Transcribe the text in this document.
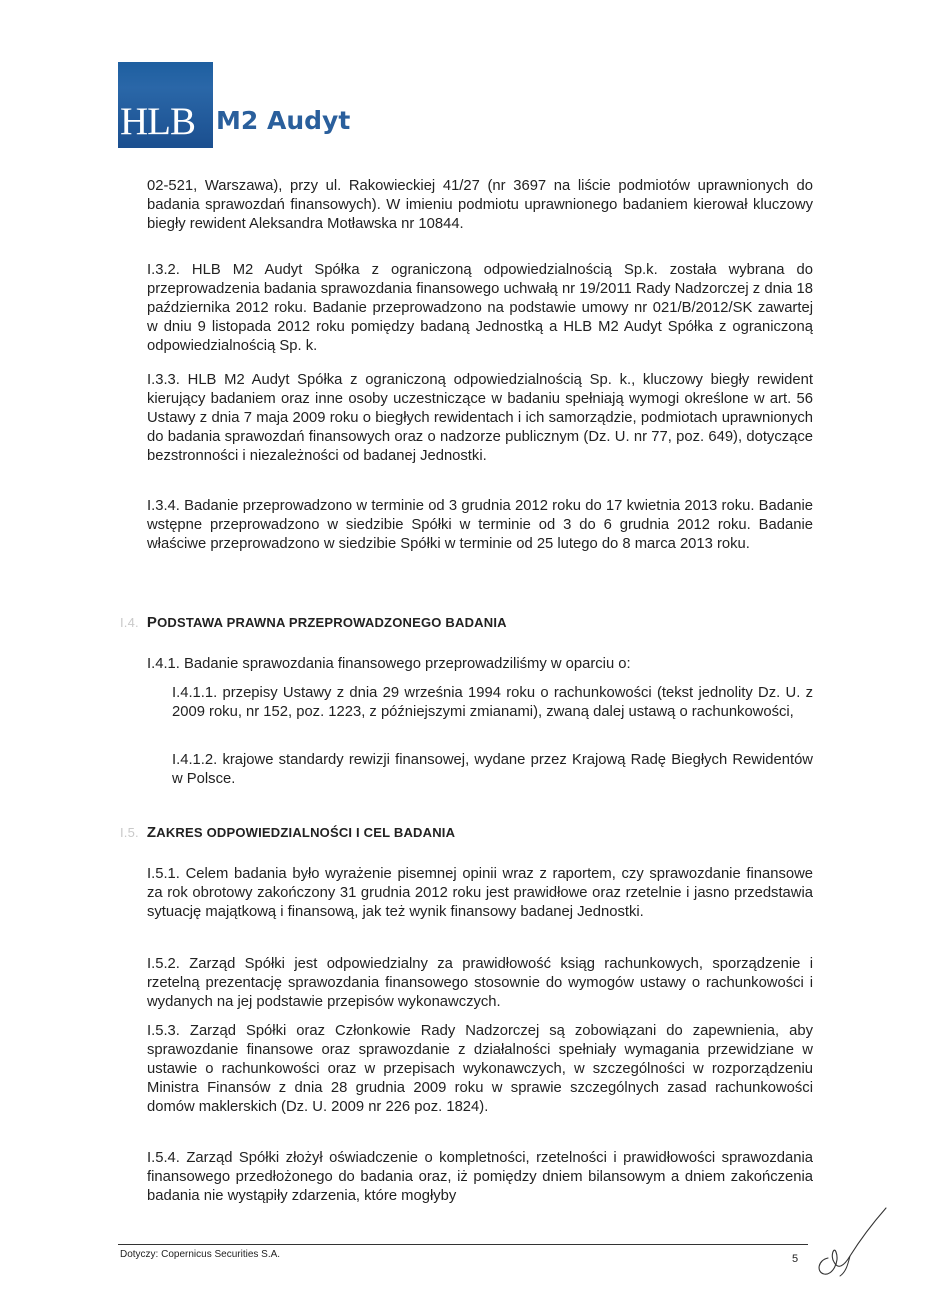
HLB M2 Audyt

02-521, Warszawa), przy ul. Rakowieckiej 41/27 (nr 3697 na liście podmiotów uprawnionych do badania sprawozdań finansowych). W imieniu podmiotu uprawnionego badaniem kierował kluczowy biegły rewident Aleksandra Motławska nr 10844.

I.3.2. HLB M2 Audyt Spółka z ograniczoną odpowiedzialnością Sp.k. została wybrana do przeprowadzenia badania sprawozdania finansowego uchwałą nr 19/2011 Rady Nadzorczej z dnia 18 października 2012 roku. Badanie przeprowadzono na podstawie umowy nr 021/B/2012/SK zawartej w dniu 9 listopada 2012 roku pomiędzy badaną Jednostką a HLB M2 Audyt Spółka z ograniczoną odpowiedzialnością Sp. k.

I.3.3. HLB M2 Audyt Spółka z ograniczoną odpowiedzialnością Sp. k., kluczowy biegły rewident kierujący badaniem oraz inne osoby uczestniczące w badaniu spełniają wymogi określone w art. 56 Ustawy z dnia 7 maja 2009 roku o biegłych rewidentach i ich samorządzie, podmiotach uprawnionych do badania sprawozdań finansowych oraz o nadzorze publicznym (Dz. U. nr 77, poz. 649), dotyczące bezstronności i niezależności od badanej Jednostki.

I.3.4. Badanie przeprowadzono w terminie od 3 grudnia 2012 roku do 17 kwietnia 2013 roku. Badanie wstępne przeprowadzono w siedzibie Spółki w terminie od 3 do 6 grudnia 2012 roku. Badanie właściwe przeprowadzono w siedzibie Spółki w terminie od 25 lutego do 8 marca 2013 roku.

I.4. PODSTAWA PRAWNA PRZEPROWADZONEGO BADANIA

I.4.1. Badanie sprawozdania finansowego przeprowadziliśmy w oparciu o:

I.4.1.1. przepisy Ustawy z dnia 29 września 1994 roku o rachunkowości (tekst jednolity Dz. U. z 2009 roku, nr 152, poz. 1223, z późniejszymi zmianami), zwaną dalej ustawą o rachunkowości,

I.4.1.2. krajowe standardy rewizji finansowej, wydane przez Krajową Radę Biegłych Rewidentów w Polsce.

I.5. ZAKRES ODPOWIEDZIALNOŚCI I CEL BADANIA

I.5.1. Celem badania było wyrażenie pisemnej opinii wraz z raportem, czy sprawozdanie finansowe za rok obrotowy zakończony 31 grudnia 2012 roku jest prawidłowe oraz rzetelnie i jasno przedstawia sytuację majątkową i finansową, jak też wynik finansowy badanej Jednostki.

I.5.2. Zarząd Spółki jest odpowiedzialny za prawidłowość ksiąg rachunkowych, sporządzenie i rzetelną prezentację sprawozdania finansowego stosownie do wymogów ustawy o rachunkowości i wydanych na jej podstawie przepisów wykonawczych.

I.5.3. Zarząd Spółki oraz Członkowie Rady Nadzorczej są zobowiązani do zapewnienia, aby sprawozdanie finansowe oraz sprawozdanie z działalności spełniały wymagania przewidziane w ustawie o rachunkowości oraz w przepisach wykonawczych, w szczególności w rozporządzeniu Ministra Finansów z dnia 28 grudnia 2009 roku w sprawie szczególnych zasad rachunkowości domów maklerskich (Dz. U. 2009 nr 226 poz. 1824).

I.5.4. Zarząd Spółki złożył oświadczenie o kompletności, rzetelności i prawidłowości sprawozdania finansowego przedłożonego do badania oraz, iż pomiędzy dniem bilansowym a dniem zakończenia badania nie wystąpiły zdarzenia, które mogłyby

Dotyczy: Copernicus Securities S.A.	5
